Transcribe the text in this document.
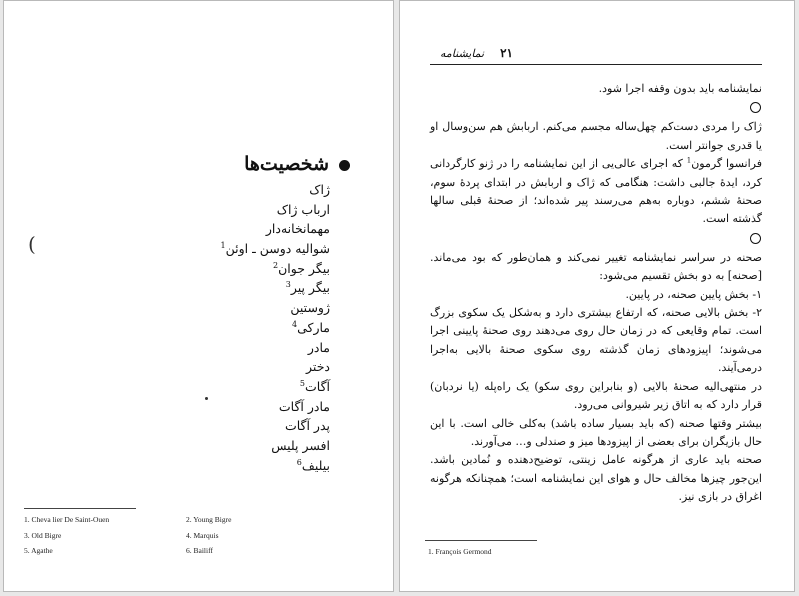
شخصیت‌ها
ژاک
ارباب ژاک
مهمانخانه‌دار
شوالیه دوسن ـ اوئن$^1$
بیگر جوان$^2$
بیگر پیر$^3$
ژوستین
مارکی$^4$
مادر
دختر
آگات$^5$
مادر آگات
پدر آگات
افسر پلیس
بیلیف$^6$
(
1. Cheva lier De Saint-Ouen	2. Young Bigre
3. Old Bigre	4. Marquis
5. Agathe	6. Bailiff
۲۱نمایشنامه

نمایشنامه باید بدون وقفه اجرا شود.

ژاک را مردی دست‌کم چهل‌ساله مجسم می‌کنم. اربابش هم سن‌وسال او یا قدری جوانتر است.

فرانسوا گرمون$^1$ که اجرای عالی‌یی از این نمایشنامه را در ژنو کارگردانی کرد، ایدهٔ جالبی داشت: هنگامی که ژاک و اربابش در ابتدای پردهٔ سوم، صحنهٔ ششم، دوباره به‌هم می‌رسند پیر شده‌اند؛ از صحنهٔ قبلی سالها گذشته است.

صحنه در سراسر نمایشنامه تغییر نمی‌کند و همان‌طور که بود می‌ماند. [صحنه] به دو بخش تقسیم می‌شود:

۱- بخش پایین صحنه، در پایین.

۲- بخش بالایی صحنه، که ارتفاع بیشتری دارد و به‌شکل یک سکوی بزرگ است. تمام وقایعی که در زمان حال روی می‌دهند روی صحنهٔ پایینی اجرا می‌شوند؛ اپیزودهای زمان گذشته روی سکوی صحنهٔ بالایی به‌اجرا درمی‌آیند.

در منتهی‌الیه صحنهٔ بالایی (و بنابراین روی سکو) یک راه‌پله (یا نردبان) قرار دارد که به اتاق زیر شیروانی می‌رود.

بیشتر وقتها صحنه (که باید بسیار ساده باشد) به‌کلی خالی است. با این حال بازیگران برای بعضی از اپیزودها میز و صندلی و… می‌آورند.

صحنه باید عاری از هرگونه عامل زینتی، توضیح‌دهنده و نُمادین باشد. این‌جور چیزها مخالف حال و هوای این نمایشنامه است؛ همچنانکه هرگونه اغراق در بازی نیز.

1. François Germond
